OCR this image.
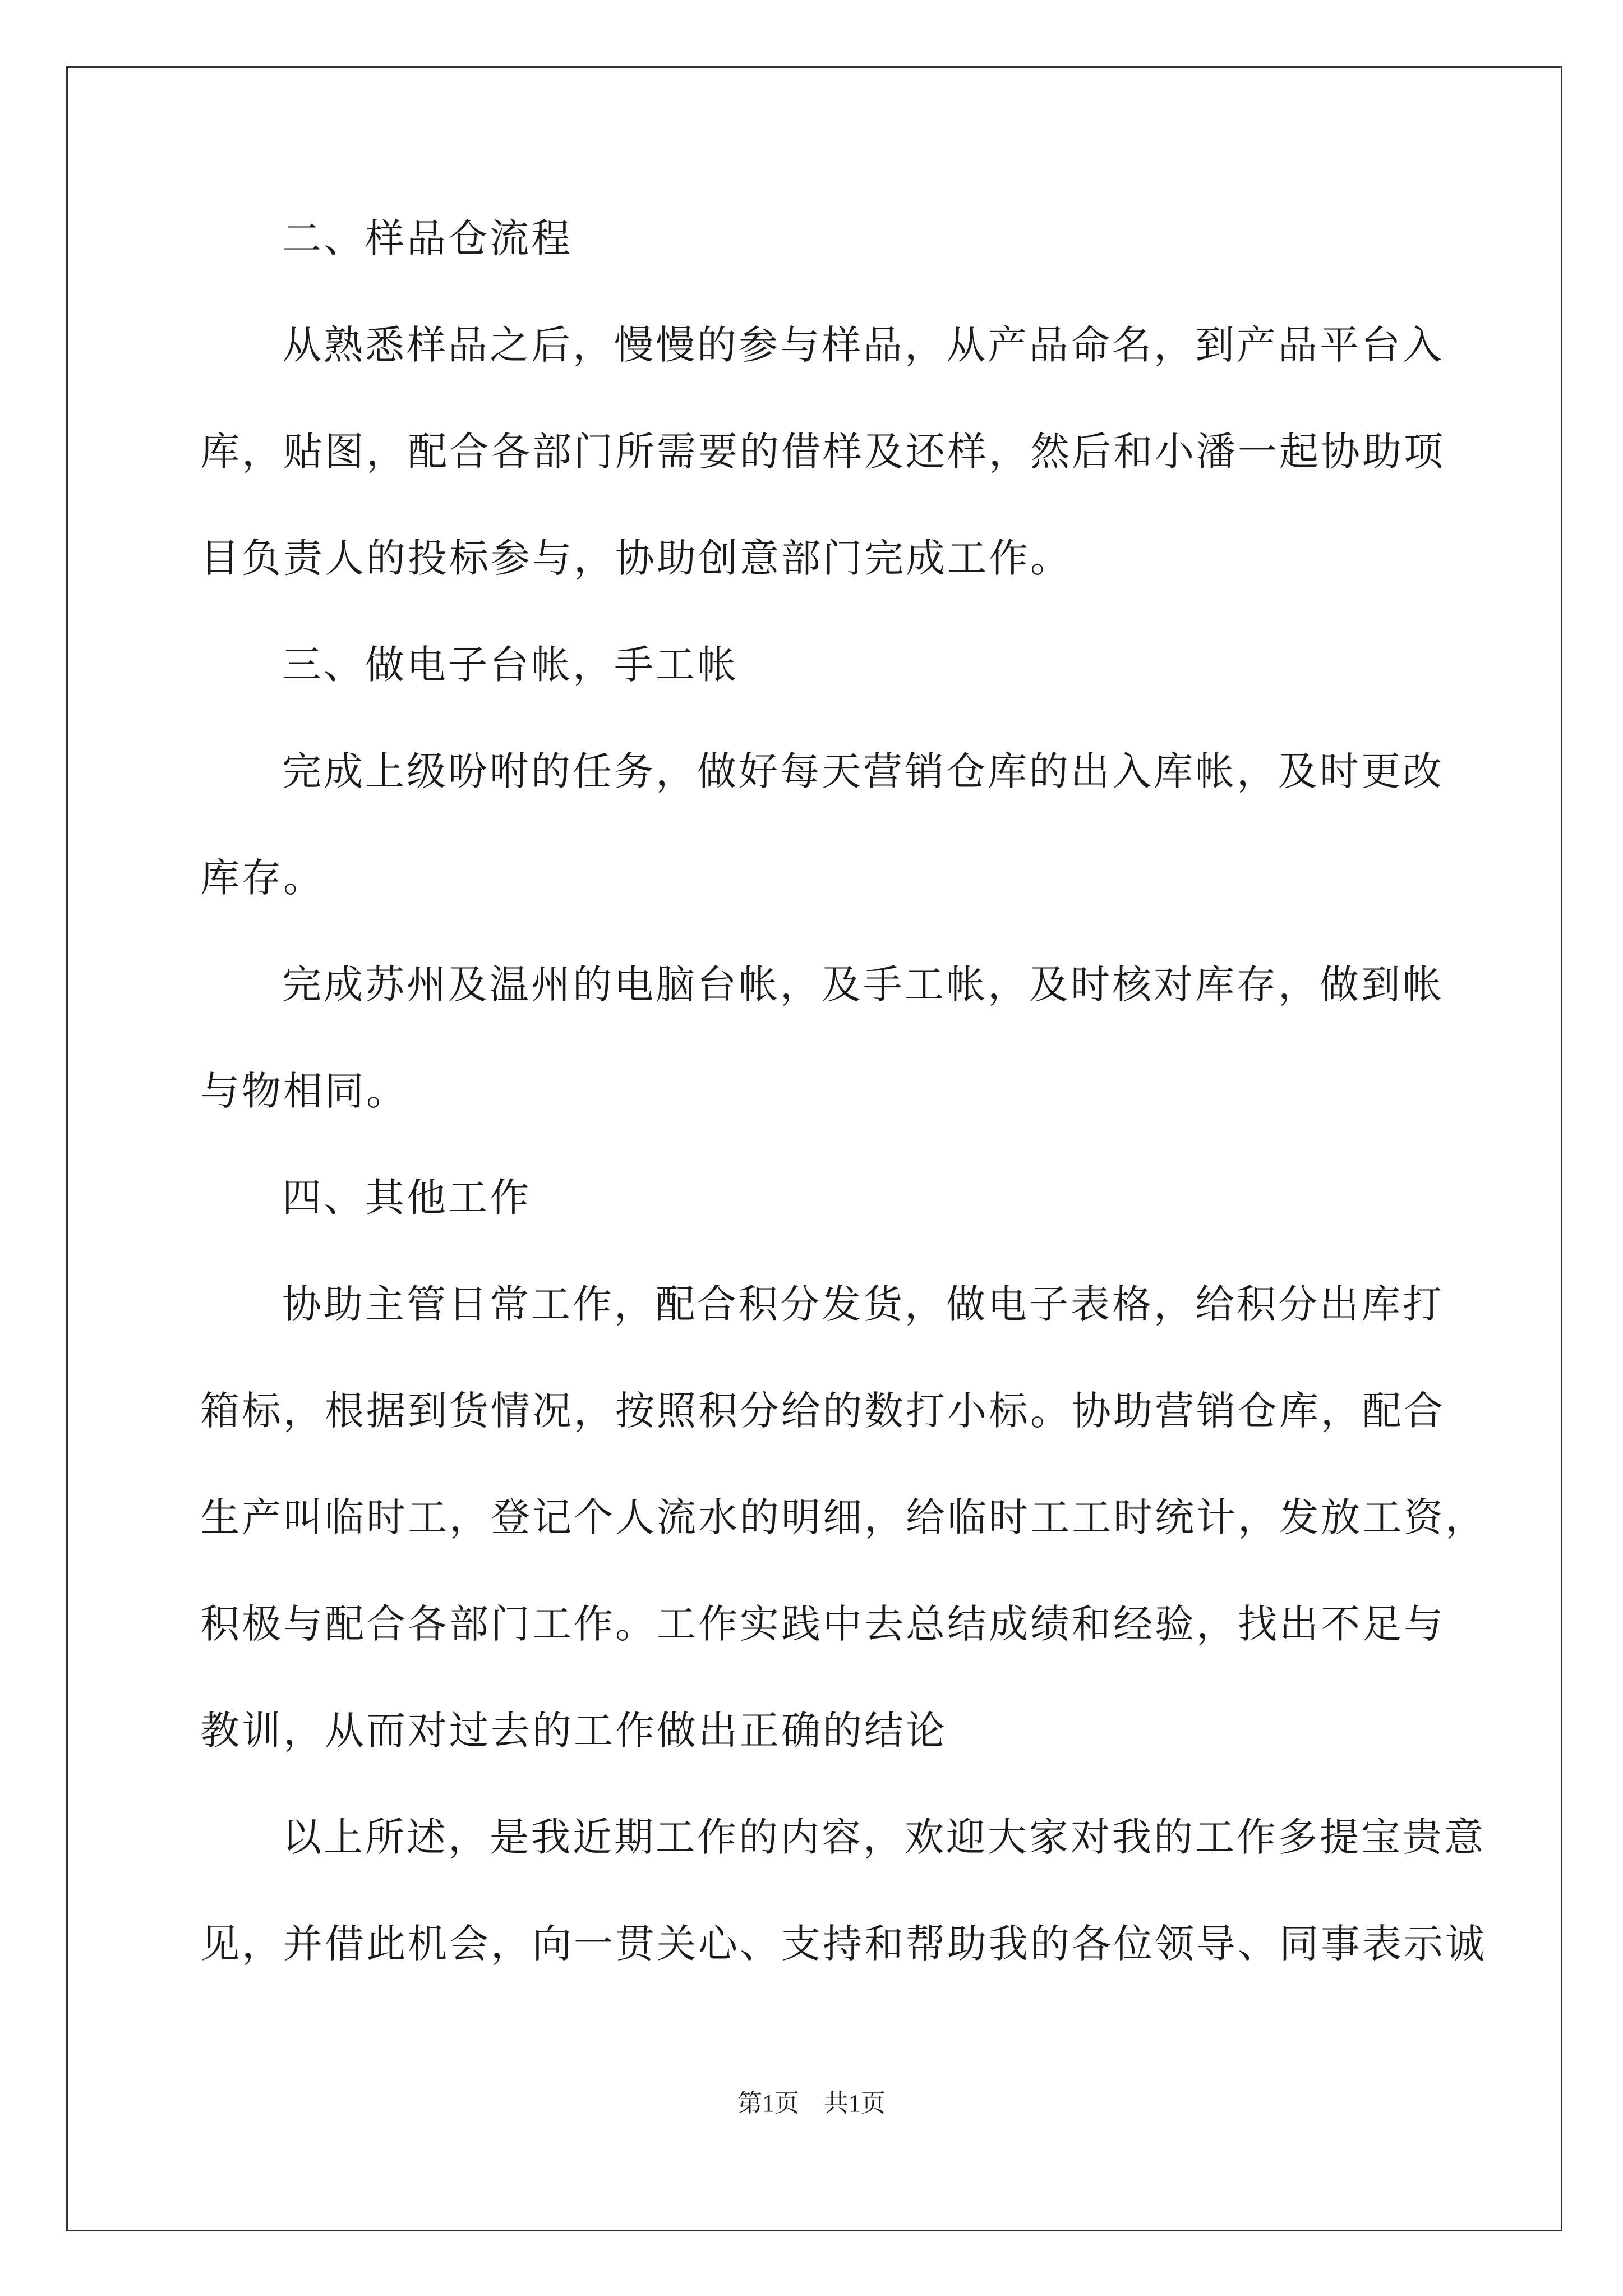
二、样品仓流程
从熟悉样品之后，慢慢的参与样品，从产品命名，到产品平台入
库，贴图，配合各部门所需要的借样及还样，然后和小潘一起协助项
目负责人的投标参与，协助创意部门完成工作。
三、做电子台帐，手工帐
完成上级吩咐的任务，做好每天营销仓库的出入库帐，及时更改
库存。
完成苏州及温州的电脑台帐，及手工帐，及时核对库存，做到帐
与物相同。
四、其他工作
协助主管日常工作，配合积分发货，做电子表格，给积分出库打
箱标，根据到货情况，按照积分给的数打小标。协助营销仓库，配合
生产叫临时工，登记个人流水的明细，给临时工工时统计，发放工资，
积极与配合各部门工作。工作实践中去总结成绩和经验，找出不足与
教训，从而对过去的工作做出正确的结论
以上所述，是我近期工作的内容，欢迎大家对我的工作多提宝贵意
见，并借此机会，向一贯关心、支持和帮助我的各位领导、同事表示诚
第1页　共1页
